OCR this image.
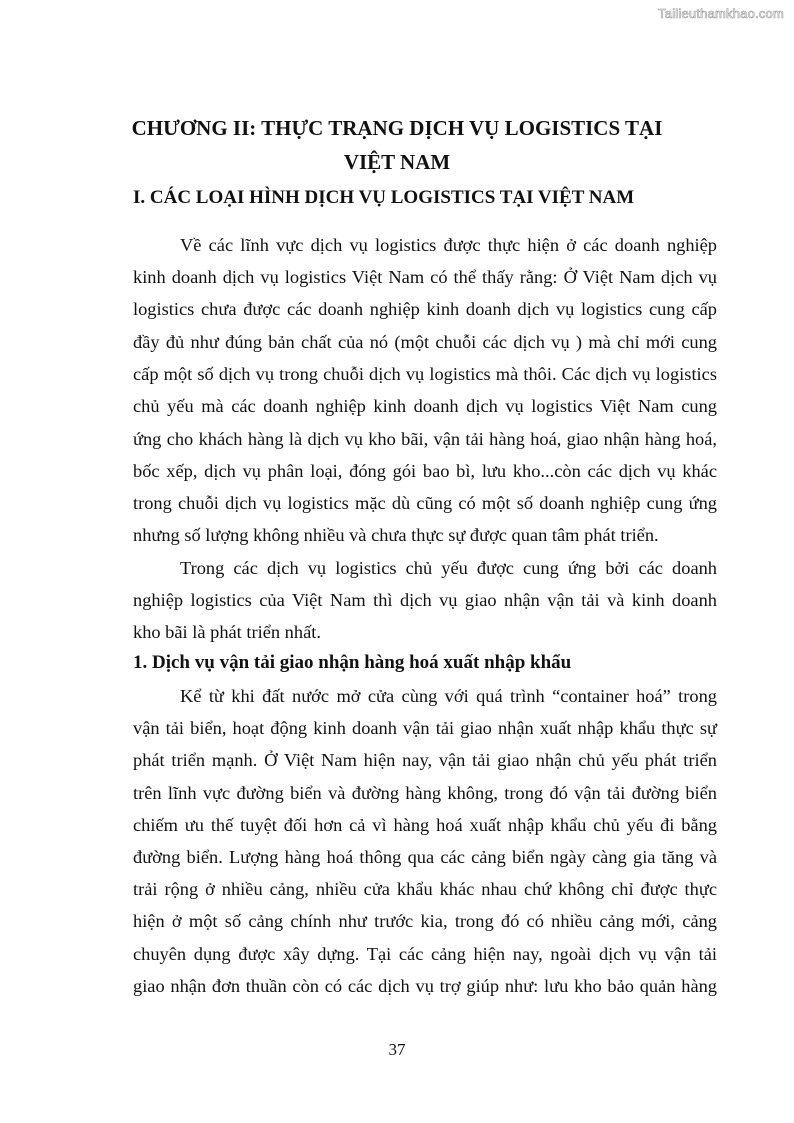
Tailieuthamkhao.com
CHƯƠNG II: THỰC TRẠNG DỊCH VỤ LOGISTICS TẠI
VIỆT NAM
I. CÁC LOẠI HÌNH DỊCH VỤ LOGISTICS TẠI VIỆT NAM
Về các lĩnh vực dịch vụ logistics được thực hiện ở các doanh nghiệp
kinh doanh dịch vụ logistics Việt Nam có thể thấy rằng: Ở Việt Nam dịch vụ
logistics chưa được các doanh nghiệp kinh doanh dịch vụ logistics cung cấp
đầy đủ như đúng bản chất của nó (một chuỗi các dịch vụ ) mà chỉ mới cung
cấp một số dịch vụ trong chuỗi dịch vụ logistics mà thôi. Các dịch vụ logistics
chủ yếu mà các doanh nghiệp kinh doanh dịch vụ logistics Việt Nam cung
ứng cho khách hàng là dịch vụ kho bãi, vận tải hàng hoá, giao nhận hàng hoá,
bốc xếp, dịch vụ phân loại, đóng gói bao bì, lưu kho...còn các dịch vụ khác
trong chuỗi dịch vụ logistics mặc dù cũng có một số doanh nghiệp cung ứng
nhưng số lượng không nhiều và chưa thực sự được quan tâm phát triển.
Trong các dịch vụ logistics chủ yếu được cung ứng bởi các doanh
nghiệp logistics của Việt Nam thì dịch vụ giao nhận vận tải và kinh doanh
kho bãi là phát triển nhất.
1. Dịch vụ vận tải giao nhận hàng hoá xuất nhập khẩu
Kể từ khi đất nước mở cửa cùng với quá trình “container hoá” trong
vận tải biển, hoạt động kinh doanh vận tải giao nhận xuất nhập khẩu thực sự
phát triển mạnh. Ở Việt Nam hiện nay, vận tải giao nhận chủ yếu phát triển
trên lĩnh vực đường biển và đường hàng không, trong đó vận tải đường biển
chiếm ưu thế tuyệt đối hơn cả vì hàng hoá xuất nhập khẩu chủ yếu đi bằng
đường biển. Lượng hàng hoá thông qua các cảng biển ngày càng gia tăng và
trải rộng ở nhiều cảng, nhiều cửa khẩu khác nhau chứ không chỉ được thực
hiện ở một số cảng chính như trước kia, trong đó có nhiều cảng mới, cảng
chuyên dụng được xây dựng. Tại các cảng hiện nay, ngoài dịch vụ vận tải
giao nhận đơn thuần còn có các dịch vụ trợ giúp như: lưu kho bảo quản hàng
37
